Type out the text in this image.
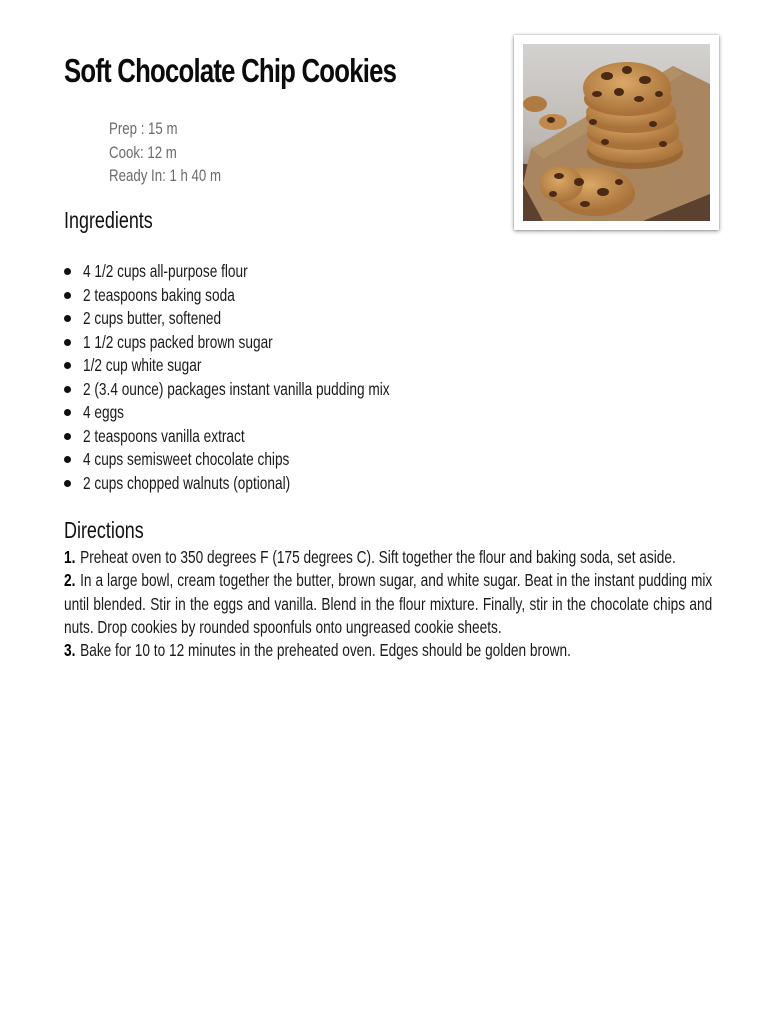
Soft Chocolate Chip Cookies
Prep : 15 m
Cook: 12 m
Ready In: 1 h 40 m
Ingredients
4 1/2 cups all-purpose flour
2 teaspoons baking soda
2 cups butter, softened
1 1/2 cups packed brown sugar
1/2 cup white sugar
2 (3.4 ounce) packages instant vanilla pudding mix
4 eggs
2 teaspoons vanilla extract
4 cups semisweet chocolate chips
2 cups chopped walnuts (optional)
Directions
1. Preheat oven to 350 degrees F (175 degrees C). Sift together the flour and baking soda, set aside.
2. In a large bowl, cream together the butter, brown sugar, and white sugar. Beat in the instant pudding mix until blended. Stir in the eggs and vanilla. Blend in the flour mixture. Finally, stir in the chocolate chips and nuts. Drop cookies by rounded spoonfuls onto ungreased cookie sheets.
3. Bake for 10 to 12 minutes in the preheated oven. Edges should be golden brown.
